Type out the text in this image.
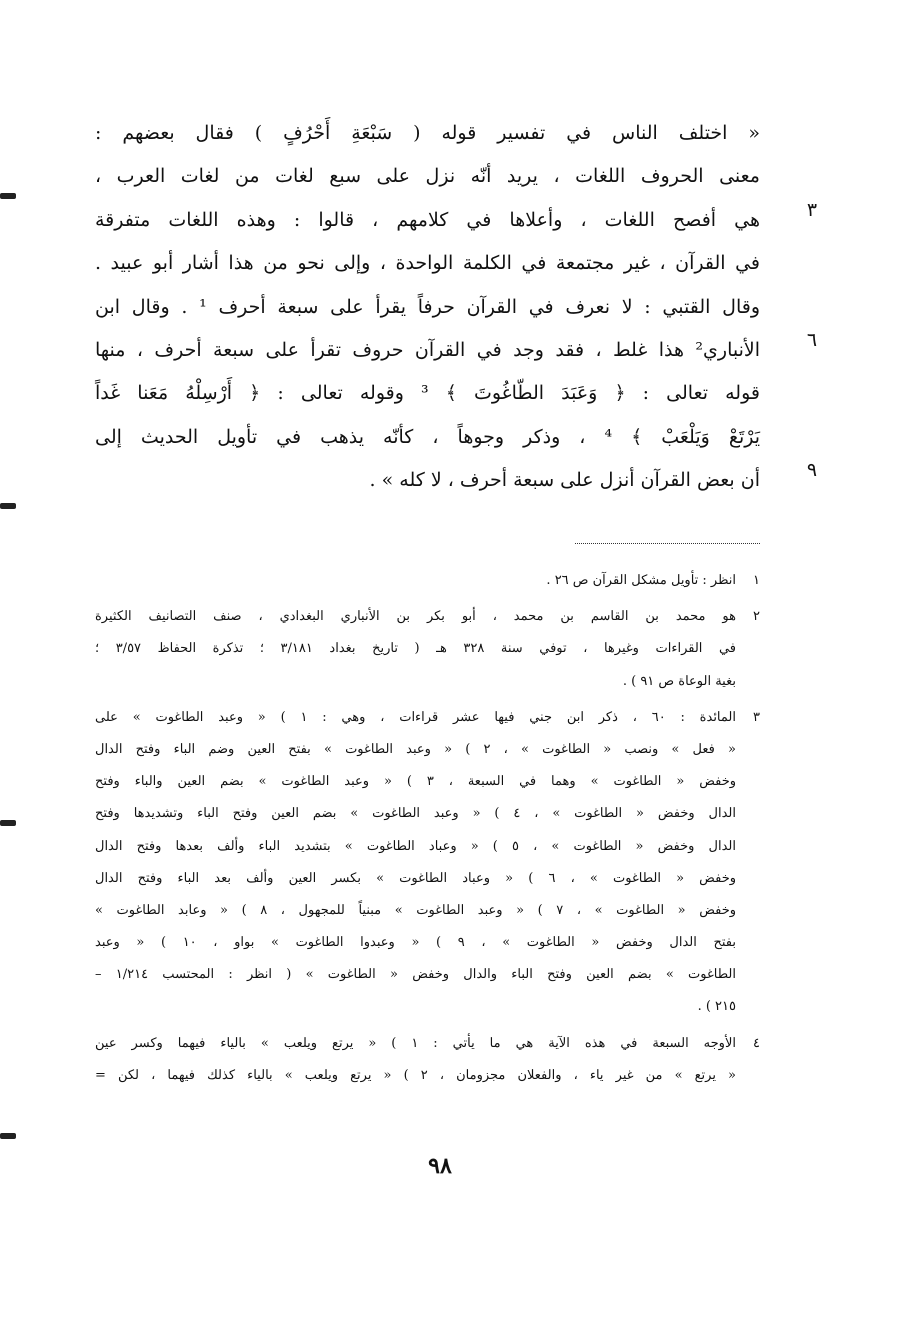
« اختلف الناس في تفسير قوله ( سَبْعَةِ أَحْرُفٍ ) فقال بعضهم :
معنى الحروف اللغات ، يريد أنّه نزل على سبع لغات من لغات العرب ،
هي أفصح اللغات ، وأعلاها في كلامهم ، قالوا : وهذه اللغات متفرقة
في القرآن ، غير مجتمعة في الكلمة الواحدة ، وإلى نحو من هذا أشار أبو عبيد .
وقال القتبي : لا نعرف في القرآن حرفاً يقرأ على سبعة أحرف ¹ . وقال ابن
الأنباري² هذا غلط ، فقد وجد في القرآن حروف تقرأ على سبعة أحرف ، منها
قوله تعالى : ﴿ وَعَبَدَ الطّاغُوتَ ﴾ ³ وقوله تعالى : ﴿ أَرْسِلْهُ مَعَنا غَداً
يَرْتَعْ وَيَلْعَبْ ﴾ ⁴ ، وذكر وجوهاً ، كأنّه يذهب في تأويل الحديث إلى
أن بعض القرآن أنزل على سبعة أحرف ، لا كله » .
٣
٦
٩
١
انظر : تأويل مشكل القرآن ص ٢٦ .
٢
هو محمد بن القاسم بن محمد ، أبو بكر بن الأنباري البغدادي ، صنف التصانيف الكثيرة
في القراءات وغيرها ، توفي سنة ٣٢٨ هـ ( تاريخ بغداد ٣/١٨١ ؛ تذكرة الحفاظ ٣/٥٧ ؛
بغية الوعاة ص ٩١ ) .
٣
المائدة : ٦٠ ، ذكر ابن جني فيها عشر قراءات ، وهي : ١ ) « وعبد الطاغوت » على
« فعل » ونصب « الطاغوت » ، ٢ ) « وعبد الطاغوت » بفتح العين وضم الباء وفتح الدال
وخفض « الطاغوت » وهما في السبعة ، ٣ ) « وعبد الطاغوت » بضم العين والباء وفتح
الدال وخفض « الطاغوت » ، ٤ ) « وعبد الطاغوت » بضم العين وفتح الباء وتشديدها وفتح
الدال وخفض « الطاغوت » ، ٥ ) « وعباد الطاغوت » بتشديد الباء وألف بعدها وفتح الدال
وخفض « الطاغوت » ، ٦ ) « وعباد الطاغوت » بكسر العين وألف بعد الباء وفتح الدال
وخفض « الطاغوت » ، ٧ ) « وعبد الطاغوت » مبنياً للمجهول ، ٨ ) « وعابد الطاغوت »
بفتح الدال وخفض « الطاغوت » ، ٩ ) « وعبدوا الطاغوت » بواو ، ١٠ ) « وعبد
الطاغوت » بضم العين وفتح الباء والدال وخفض « الطاغوت » ( انظر : المحتسب ١/٢١٤ –
٢١٥ ) .
٤
الأوجه السبعة في هذه الآية هي ما يأتي : ١ ) « يرتع ويلعب » بالياء فيهما وكسر عين
« يرتع » من غير ياء ، والفعلان مجزومان ، ٢ ) « يرتع ويلعب » بالياء كذلك فيهما ، لكن =
٩٨
